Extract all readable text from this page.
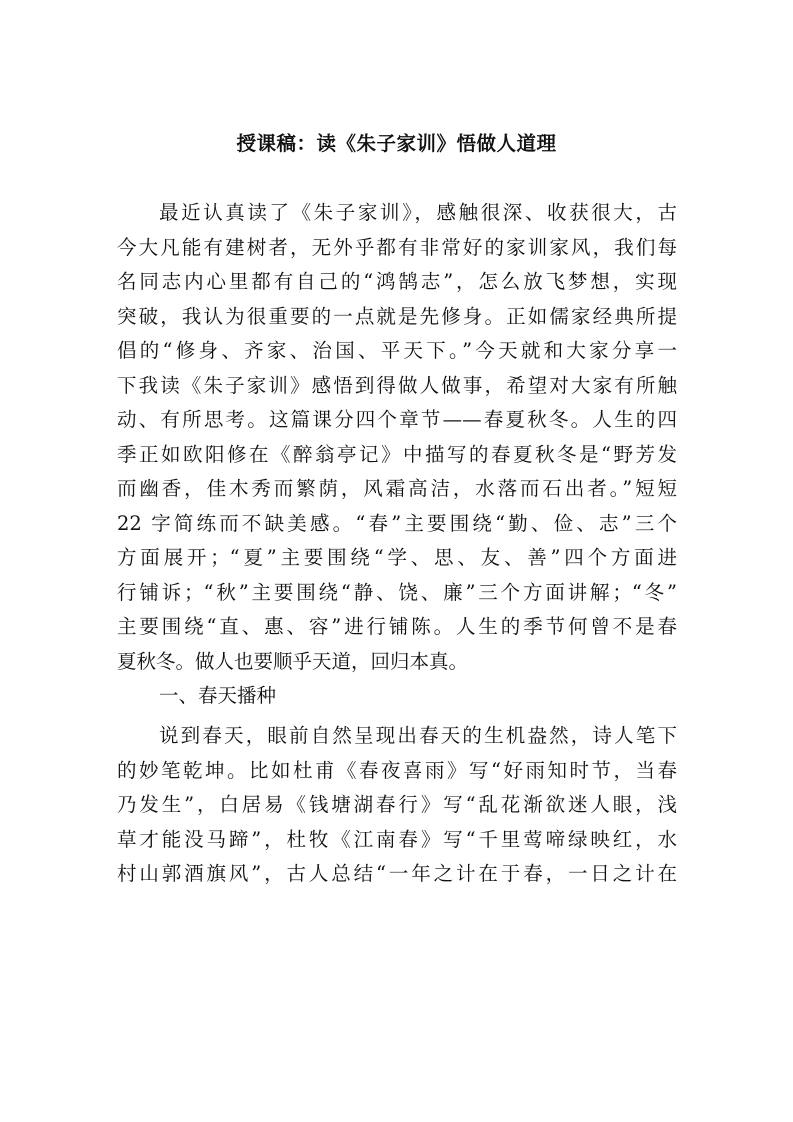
授课稿：读《朱子家训》悟做人道理
最近认真读了《朱子家训》，感触很深、收获很大，古
今大凡能有建树者，无外乎都有非常好的家训家风，我们每
名同志内心里都有自己的“鸿鹄志”，怎么放飞梦想，实现
突破，我认为很重要的一点就是先修身。正如儒家经典所提
倡的“修身、齐家、治国、平天下。”今天就和大家分享一
下我读《朱子家训》感悟到得做人做事，希望对大家有所触
动、有所思考。这篇课分四个章节——春夏秋冬。人生的四
季正如欧阳修在《醉翁亭记》中描写的春夏秋冬是“野芳发
而幽香，佳木秀而繁荫，风霜高洁，水落而石出者。”短短
22 字简练而不缺美感。“春”主要围绕“勤、俭、志”三个
方面展开；“夏”主要围绕“学、思、友、善”四个方面进
行铺诉；“秋”主要围绕“静、饶、廉”三个方面讲解；“冬”
主要围绕“直、惠、容”进行铺陈。人生的季节何曾不是春
夏秋冬。做人也要顺乎天道，回归本真。
一、春天播种
说到春天，眼前自然呈现出春天的生机盎然，诗人笔下
的妙笔乾坤。比如杜甫《春夜喜雨》写“好雨知时节，当春
乃发生”，白居易《钱塘湖春行》写“乱花渐欲迷人眼，浅
草才能没马蹄”，杜牧《江南春》写“千里莺啼绿映红，水
村山郭酒旗风”，古人总结“一年之计在于春，一日之计在
